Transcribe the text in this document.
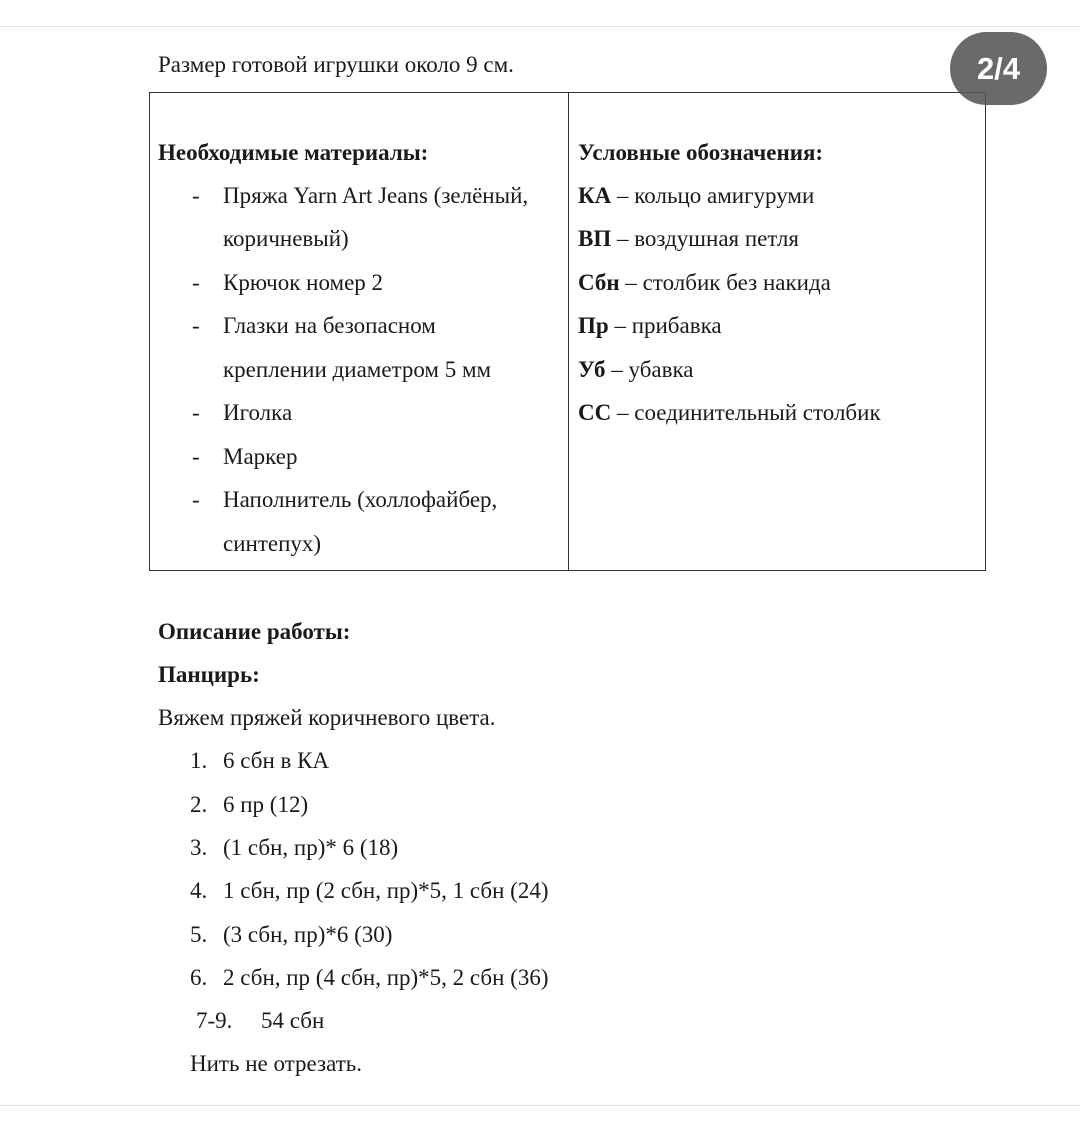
Размер готовой игрушки около 9 см.
Необходимые материалы:
- Пряжа Yarn Art Jeans (зелёный,
коричневый)
- Крючок номер 2
- Глазки на безопасном
креплении диаметром 5 мм
- Иголка
- Маркер
- Наполнитель (холлофайбер,
синтепух)
Условные обозначения:
КА – кольцо амигуруми
ВП – воздушная петля
Сбн – столбик без накида
Пр – прибавка
Уб – убавка
СС – соединительный столбик
Описание работы:
Панцирь:
Вяжем пряжей коричневого цвета.
1. 6 сбн в КА
2. 6 пр (12)
3. (1 сбн, пр)* 6 (18)
4. 1 сбн, пр (2 сбн, пр)*5, 1 сбн (24)
5. (3 сбн, пр)*6 (30)
6. 2 сбн, пр (4 сбн, пр)*5, 2 сбн (36)
7-9. 54 сбн
Нить не отрезать.
2/4
